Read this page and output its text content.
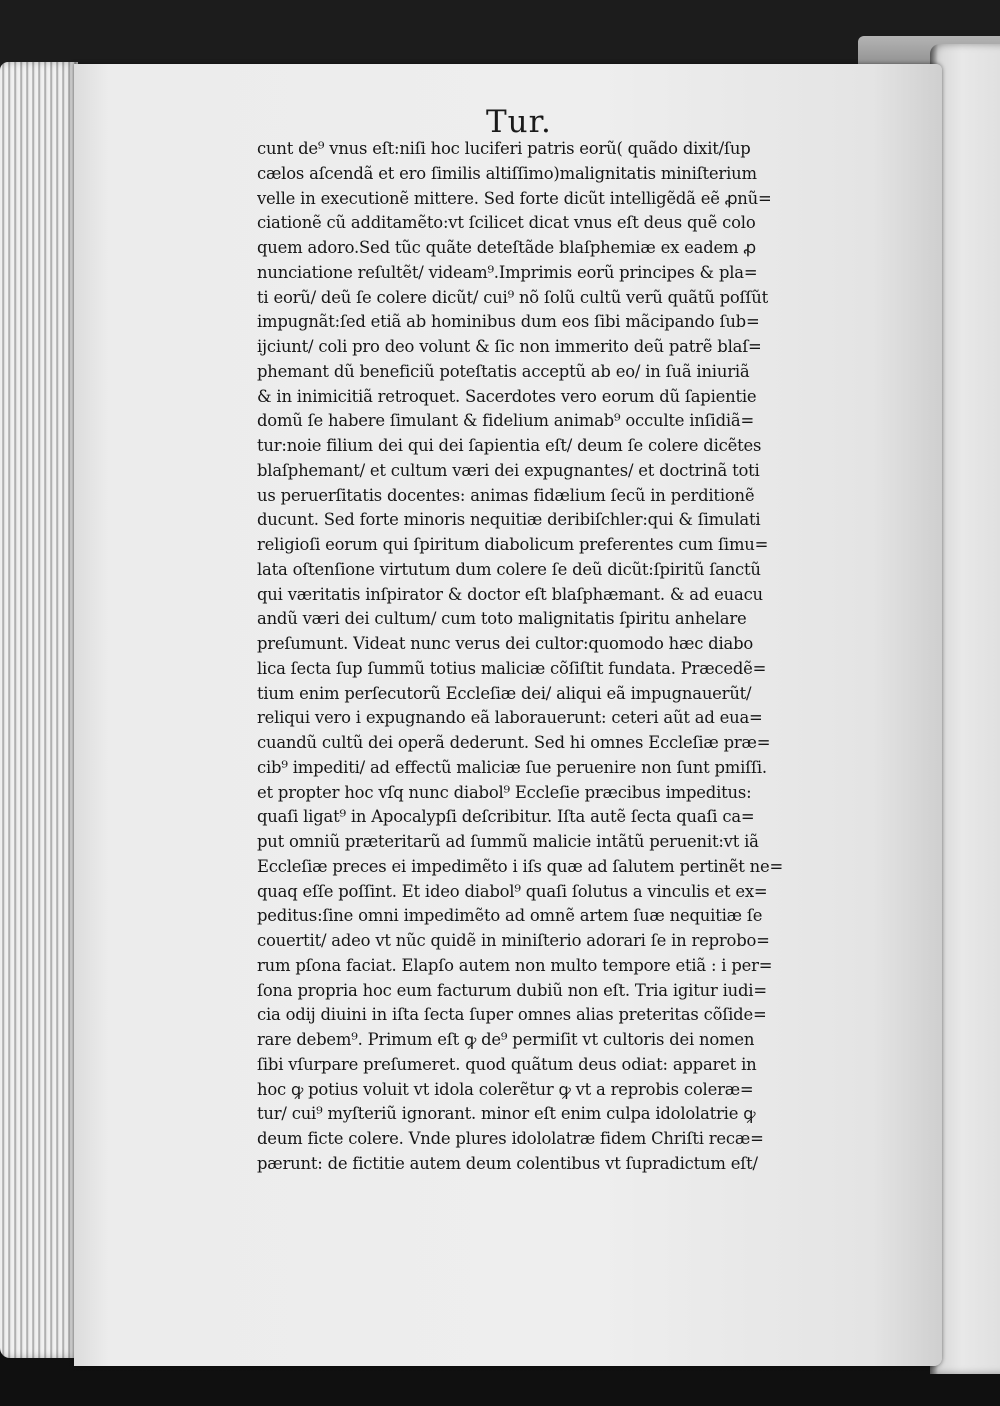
Tur.
cunt de⁹ vnus eſt:niſi hoc luciferi patris eorũ( quãdo dixit/ſup
cælos aſcendã et ero ſimilis altiſſimo)malignitatis miniſterium
velle in executionẽ mittere. Sed forte dicũt intelligẽdã eẽ ꝓnũ=
ciationẽ cũ additamẽto:vt ſcilicet dicat vnus eſt deus quẽ colo
quem adoro.Sed tũc quãte deteſtãde blaſphemiæ ex eadem ꝓ
nunciatione reſultẽt/ videam⁹.Imprimis eorũ principes & pla=
ti eorũ/ deũ ſe colere dicũt/ cui⁹ nõ ſolũ cultũ verũ quãtũ poſſũt
impugnãt:ſed etiã ab hominibus dum eos ſibi mãcipando ſub=
ijciunt/ coli pro deo volunt & ſic non immerito deũ patrẽ blaſ=
phemant dũ beneficiũ poteſtatis acceptũ ab eo/ in ſuã iniuriã
& in inimicitiã retroquet. Sacerdotes vero eorum dũ ſapientie
domũ ſe habere ſimulant & fidelium animab⁹ occulte inſidiã=
tur:noie filium dei qui dei ſapientia eſt/ deum ſe colere dicẽtes
blaſphemant/ et cultum væri dei expugnantes/ et doctrinã toti
us peruerſitatis docentes: animas fidælium ſecũ in perditionẽ
ducunt. Sed forte minoris nequitiæ deribiſchler:qui & ſimulati
religioſi eorum qui ſpiritum diabolicum preferentes cum ſimu=
lata oſtenſione virtutum dum colere ſe deũ dicũt:ſpiritũ ſanctũ
qui væritatis inſpirator & doctor eſt blaſphæmant. & ad euacu
andũ væri dei cultum/ cum toto malignitatis ſpiritu anhelare
preſumunt. Videat nunc verus dei cultor:quomodo hæc diabo
lica ſecta ſup ſummũ totius maliciæ cõſiſtit fundata. Præcedẽ=
tium enim perſecutorũ Eccleſiæ dei/ aliqui eã impugnauerũt/
reliqui vero i expugnando eã laborauerunt: ceteri aũt ad eua=
cuandũ cultũ dei operã dederunt. Sed hi omnes Eccleſiæ præ=
cib⁹ impediti/ ad effectũ maliciæ ſue peruenire non ſunt pmiſſi.
et propter hoc vſq nunc diabol⁹ Eccleſie præcibus impeditus:
quaſi ligat⁹ in Apocalypſi deſcribitur. Iſta autẽ ſecta quaſi ca=
put omniũ præteritarũ ad ſummũ malicie intãtũ peruenit:vt iã
Eccleſiæ preces ei impedimẽto i iſs quæ ad ſalutem pertinẽt ne=
quaq eſſe poſſint. Et ideo diabol⁹ quaſi ſolutus a vinculis et ex=
peditus:ſine omni impedimẽto ad omnẽ artem ſuæ nequitiæ ſe
couertit/ adeo vt nũc quidẽ in miniſterio adorari ſe in reprobo=
rum pſona faciat. Elapſo autem non multo tempore etiã : i per=
ſona propria hoc eum facturum dubiũ non eſt. Tria igitur iudi=
cia odij diuini in iſta ſecta ſuper omnes alias preteritas cõſide=
rare debem⁹. Primum eſt ꝙ de⁹ permiſit vt cultoris dei nomen
ſibi vſurpare preſumeret. quod quãtum deus odiat: apparet in
hoc ꝙ potius voluit vt idola colerẽtur ꝙ vt a reprobis coleræ=
tur/ cui⁹ myſteriũ ignorant. minor eſt enim culpa idololatrie ꝙ
deum ficte colere. Vnde plures idololatræ fidem Chriſti recæ=
pærunt: de fictitie autem deum colentibus vt ſupradictum eſt/
